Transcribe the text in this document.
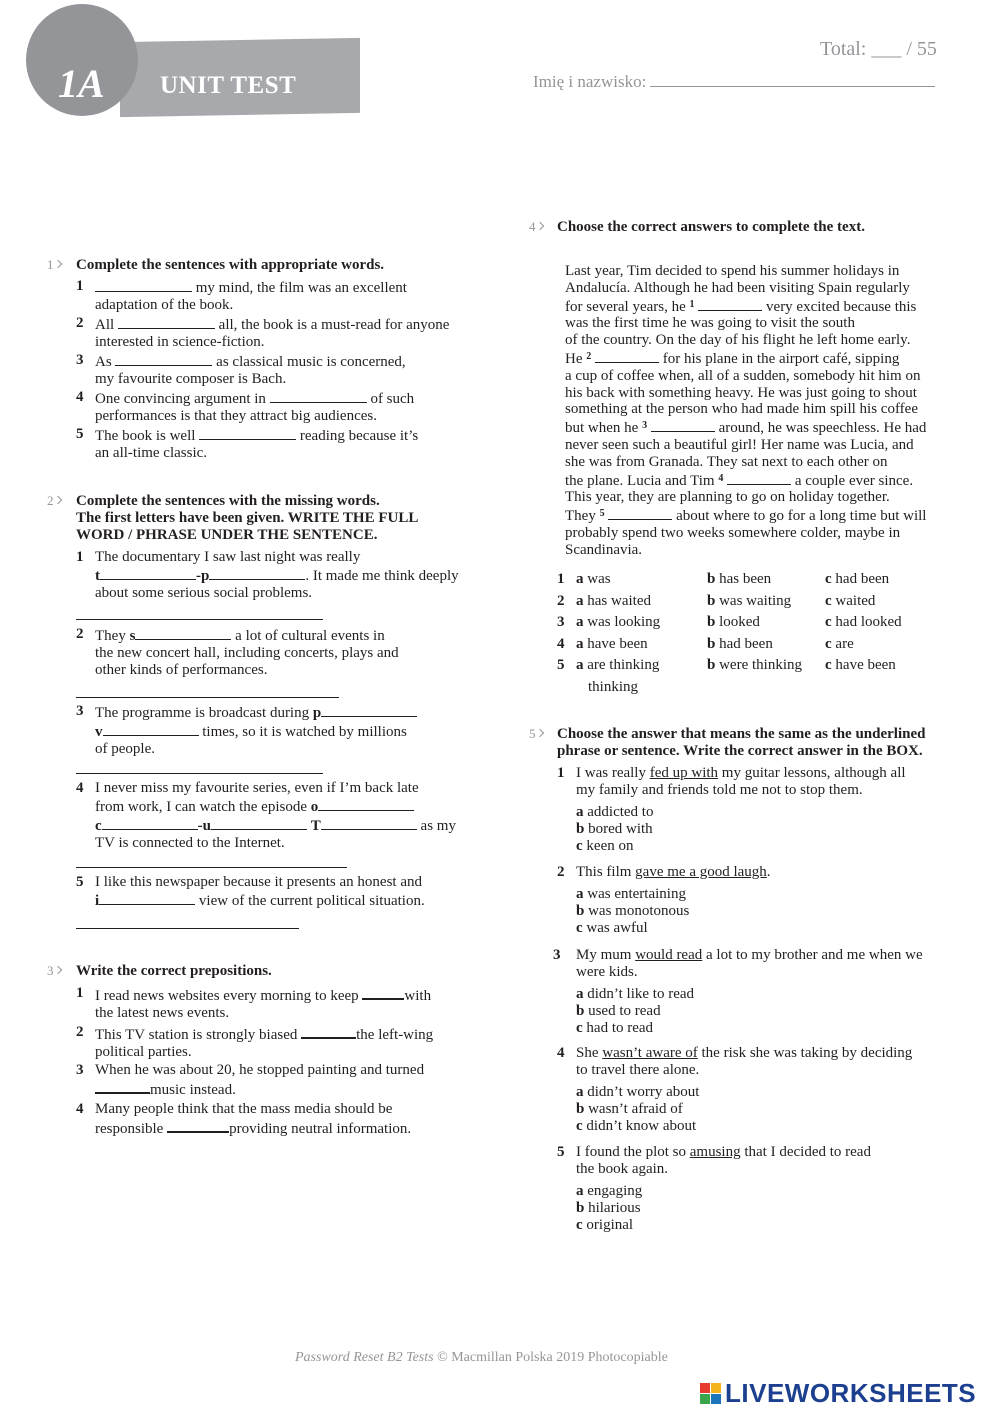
1A UNIT TEST
Total: ___ / 55
Imię i nazwisko:
1	Complete the sentences with appropriate words.
1	my mind, the film was an excellent
adaptation of the book.
2 All	all, the book is a must-read for anyone
interested in science-fiction.
3 As	as classical music is concerned,
my favourite composer is Bach.
4 One convincing argument in	of such
performances is that they attract big audiences.
5 The book is well	reading because it’s
an all-time classic.
2	Complete the sentences with the missing words.
The first letters have been given. WRITE THE FULL
WORD / PHRASE UNDER THE SENTENCE.
1 The documentary I saw last night was really
t	-p	. It made me think deeply
about some serious social problems.
2 They s	a lot of cultural events in
the new concert hall, including concerts, plays and
other kinds of performances.
3 The programme is broadcast during p
v	times, so it is watched by millions
of people.
4 I never miss my favourite series, even if I’m back late
from work, I can watch the episode o
c	-u	T	as my
TV is connected to the Internet.
5 I like this newspaper because it presents an honest and
i	view of the current political situation.
3	Write the correct prepositions.
1 I read news websites every morning to keep	with
the latest news events.
2 This TV station is strongly biased	the left-wing
political parties.
3 When he was about 20, he stopped painting and turned
music instead.
4 Many people think that the mass media should be
responsible	providing neutral information.
4	Choose the correct answers to complete the text.
Last year, Tim decided to spend his summer holidays in
Andalucía. Although he had been visiting Spain regularly
for several years, he $^1$	very excited because this
was the first time he was going to visit the south
of the country. On the day of his flight he left home early.
He $^2$	for his plane in the airport café, sipping
a cup of coffee when, all of a sudden, somebody hit him on
his back with something heavy. He was just going to shout
something at the person who had made him spill his coffee
but when he $^3$	around, he was speechless. He had
never seen such a beautiful girl! Her name was Lucia, and
she was from Granada. They sat next to each other on
the plane. Lucia and Tim $^4$	a couple ever since.
This year, they are planning to go on holiday together.
They $^5$	about where to go for a long time but will
probably spend two weeks somewhere colder, maybe in
Scandinavia.
1 a was	b has been	c had been
2 a has waited	b was waiting c waited
3 a was looking	b looked	c had looked
4 a have been	b had been	c are
5 a are thinking	b were thinking c have been
thinking
5	Choose the answer that means the same as the underlined
phrase or sentence. Write the correct answer in the BOX.
1 I was really fed up with my guitar lessons, although all
my family and friends told me not to stop them.
a addicted to
b bored with
c keen on
2 This film gave me a good laugh.
a was entertaining
b was monotonous
c was awful
3 My mum would read a lot to my brother and me when we
were kids.
a didn’t like to read
b used to read
c had to read
4 She wasn’t aware of the risk she was taking by deciding
to travel there alone.
a didn’t worry about
b wasn’t afraid of
c didn’t know about
5 I found the plot so amusing that I decided to read
the book again.
a engaging
b hilarious
c original
Password Reset B2 Tests © Macmillan Polska 2019 Photocopiable
LIVEWORKSHEETS
